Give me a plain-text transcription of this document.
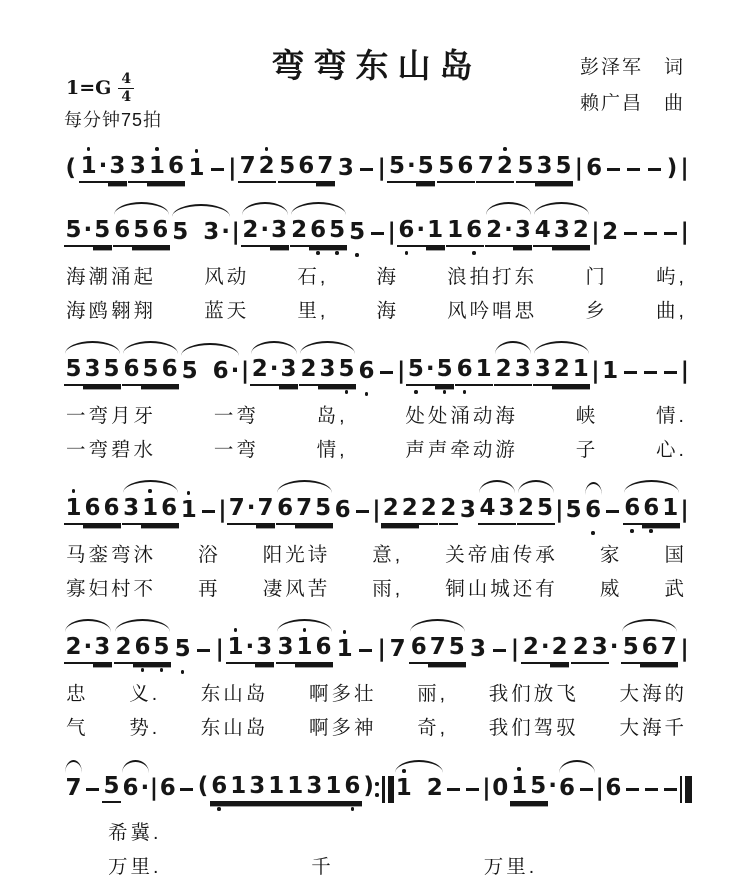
弯弯东山岛
$1=G \frac{4}{4}$
每分钟75拍
彭泽军　词
赖广昌　曲
( 1 · 3 3 1 6 1 | 7 2 5 6 7 3 | 5 · 5 5 6 7 2 5 3 5 | 6	) |
5 · 5 6 5 6 5 3 · | 2 · 3 2 6 5 5 | 6 · 1 1 6 2 · 3 4 3 2 | 2	|
海潮涌起 风动 石, 海 浪拍打东 门 屿,
海鸥翱翔 蓝天 里, 海 风吟唱思 乡 曲,
5 3 5 6 5 6 5 6 · | 2 · 3 2 3 5 6 | 5 · 5 6 1 2 3 3 2 1 | 1	|
一弯月牙	一弯	岛,	处处涌动海	峡	情.
一弯碧水	一弯	情,	声声牵动游	子	心.
1 6 6 3 1 6 1 | 7 · 7 6 7 5 6 | 2 2 2 2 3 4 3 2 5 | 5 6 6 6 1 |
马銮弯沐 浴 阳光诗 意, 关帝庙传承 家 国
寡妇村不 再 凄风苦 雨, 铜山城还有 威 武
2 · 3 2 6 5 5 | 1 · 3 3 1 6 1 | 7 6 7 5 3 | 2 · 2 2 3 · 5 6 7 |
忠 义. 东山岛 啊多壮 丽, 我们放飞 大海的
气 势. 东山岛 啊多神 奇, 我们驾驭 大海千
7 5 6 · | 6 ( 6 1 3 1 1 3 1 6 ) 1 2 | 0 1 5 · 6 | 6
希冀.
万里.	千	万里.
